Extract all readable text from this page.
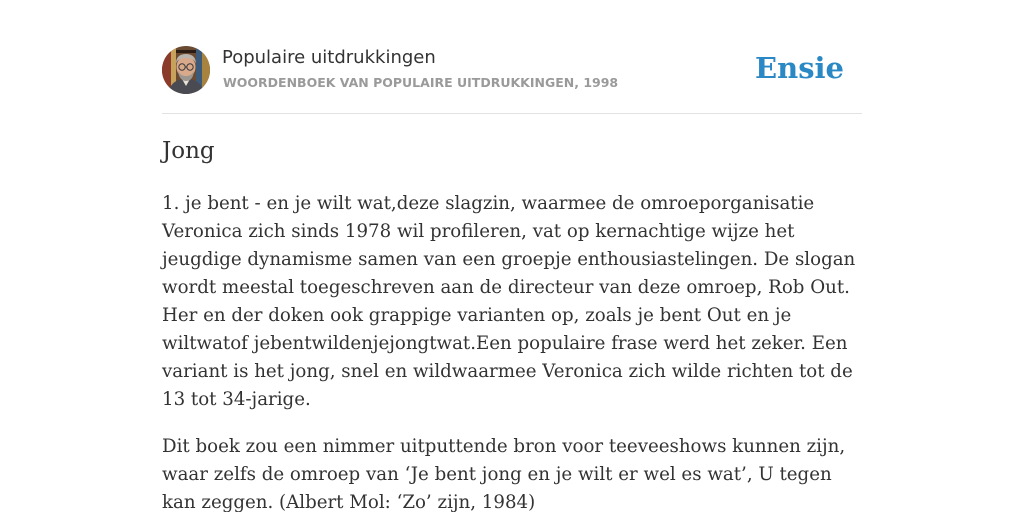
Populaire uitdrukkingen
WOORDENBOEK VAN POPULAIRE UITDRUKKINGEN, 1998	Ensie
Jong

1. je bent - en je wilt wat,deze slagzin, waarmee de omroeporganisatie Veronica zich sinds 1978 wil profileren, vat op kernachtige wijze het jeugdige dynamisme samen van een groepje enthousiastelingen. De slogan wordt meestal toegeschreven aan de directeur van deze omroep, Rob Out. Her en der doken ook grappige varianten op, zoals je bent Out en je wiltwatof jebentwildenjejongtwat.Een populaire frase werd het zeker. Een variant is het jong, snel en wildwaarmee Veronica zich wilde richten tot de 13 tot 34-jarige.

Dit boek zou een nimmer uitputtende bron voor teeveeshows kunnen zijn, waar zelfs de omroep van ‘Je bent jong en je wilt er wel es wat’, U tegen kan zeggen. (Albert Mol: ‘Zo’ zijn, 1984)
